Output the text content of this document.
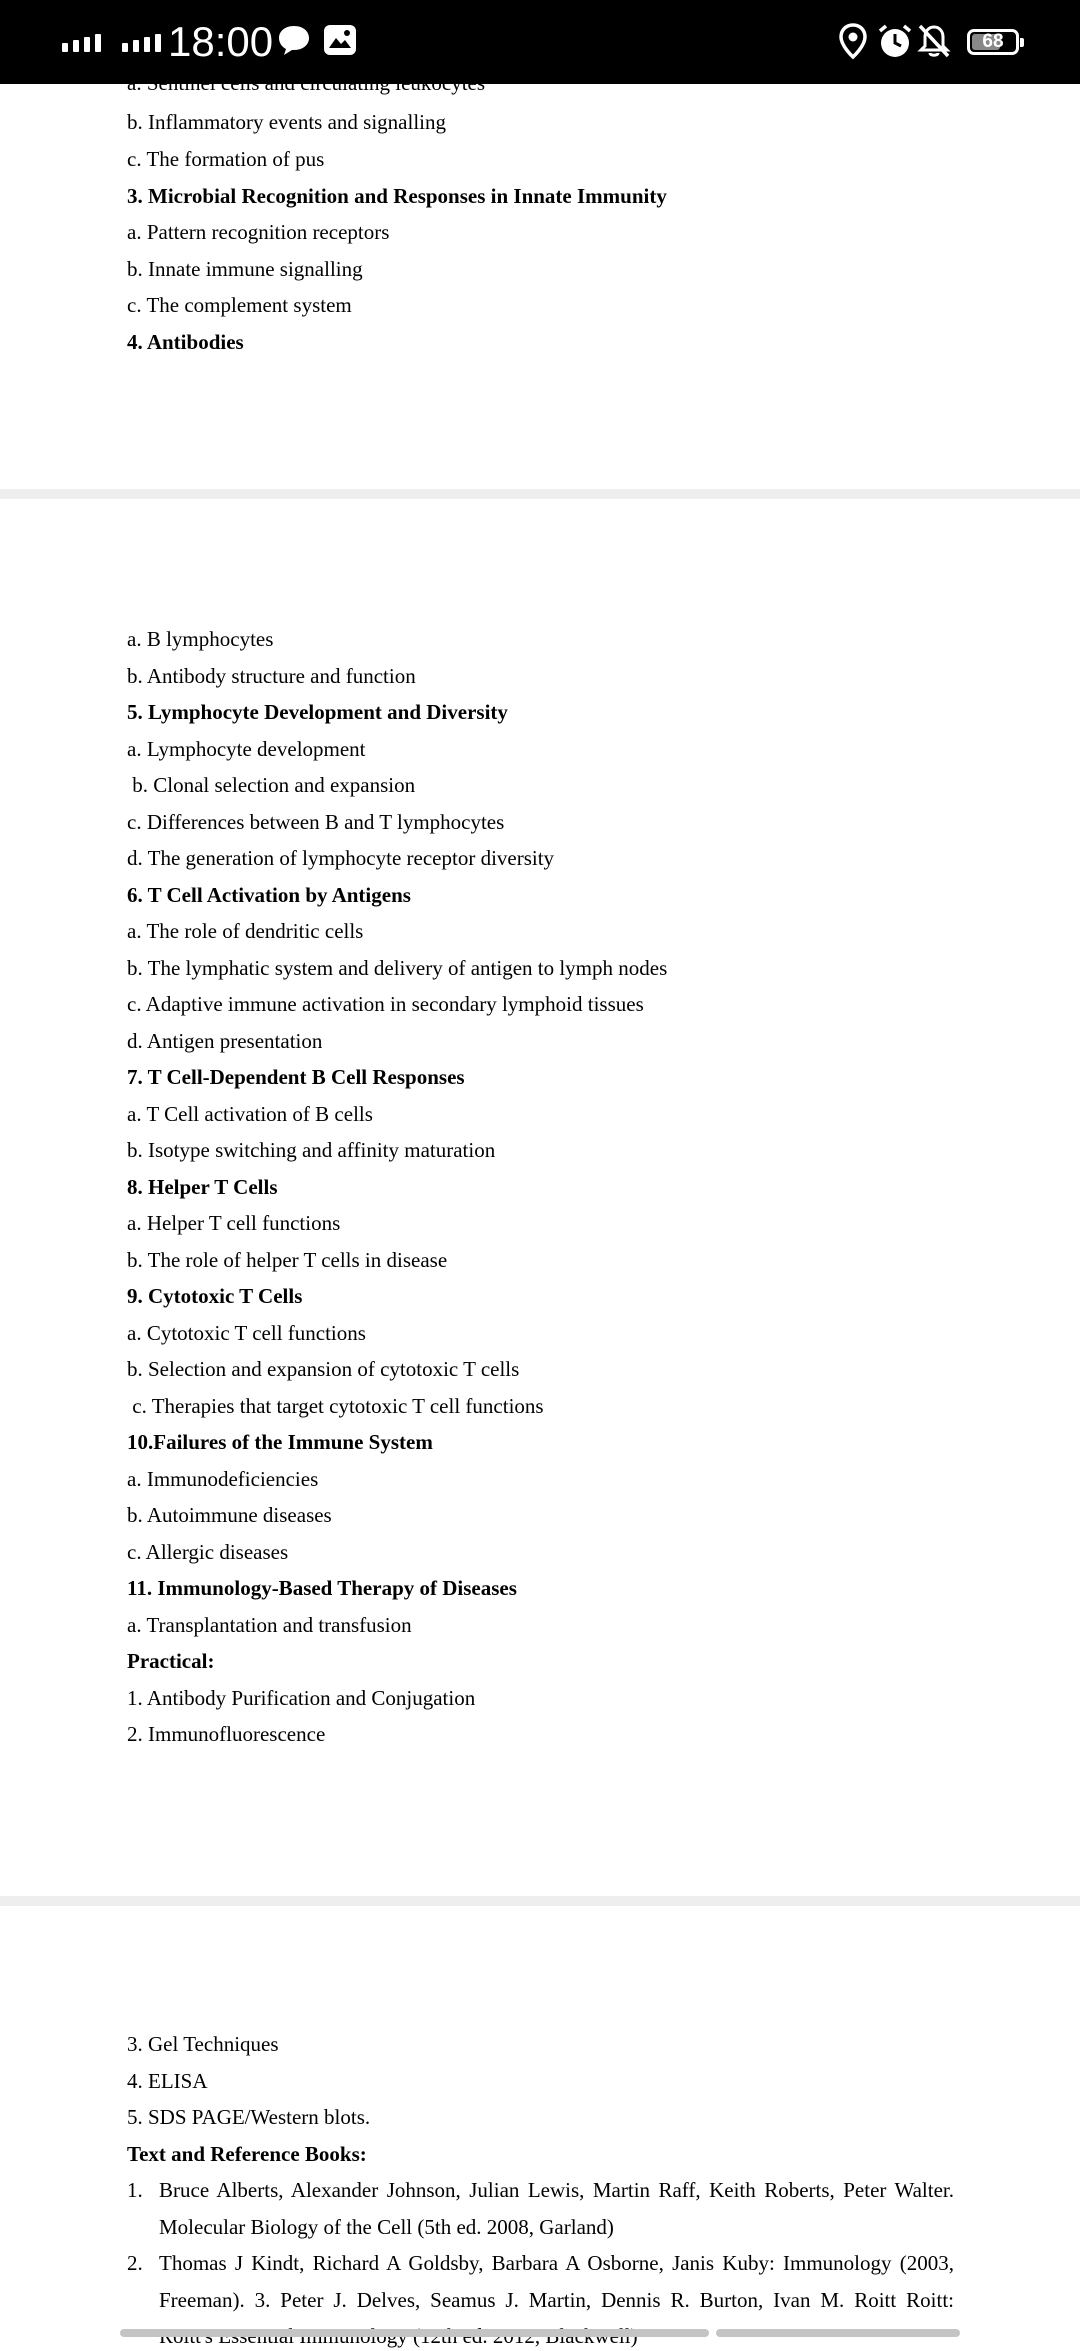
18:00	68
b. Inflammatory events and signalling
c. The formation of pus
3. Microbial Recognition and Responses in Innate Immunity
a. Pattern recognition receptors
b. Innate immune signalling
c. The complement system
4. Antibodies
a. B lymphocytes
b. Antibody structure and function
5. Lymphocyte Development and Diversity
a. Lymphocyte development
b. Clonal selection and expansion
c. Differences between B and T lymphocytes
d. The generation of lymphocyte receptor diversity
6. T Cell Activation by Antigens
a. The role of dendritic cells
b. The lymphatic system and delivery of antigen to lymph nodes
c. Adaptive immune activation in secondary lymphoid tissues
d. Antigen presentation
7. T Cell-Dependent B Cell Responses
a. T Cell activation of B cells
b. Isotype switching and affinity maturation
8. Helper T Cells
a. Helper T cell functions
b. The role of helper T cells in disease
9. Cytotoxic T Cells
a. Cytotoxic T cell functions
b. Selection and expansion of cytotoxic T cells
c. Therapies that target cytotoxic T cell functions
10.Failures of the Immune System
a. Immunodeficiencies
b. Autoimmune diseases
c. Allergic diseases
11. Immunology-Based Therapy of Diseases
a. Transplantation and transfusion
Practical:
1. Antibody Purification and Conjugation
2. Immunofluorescence
3. Gel Techniques
4. ELISA
5. SDS PAGE/Western blots.
Text and Reference Books:
1. Bruce Alberts, Alexander Johnson, Julian Lewis, Martin Raff, Keith Roberts, Peter Walter.
Molecular Biology of the Cell (5th ed. 2008, Garland)
2. Thomas J Kindt, Richard A Goldsby, Barbara A Osborne, Janis Kuby: Immunology (2003,
Freeman). 3. Peter J. Delves, Seamus J. Martin, Dennis R. Burton, Ivan M. Roitt Roitt:
